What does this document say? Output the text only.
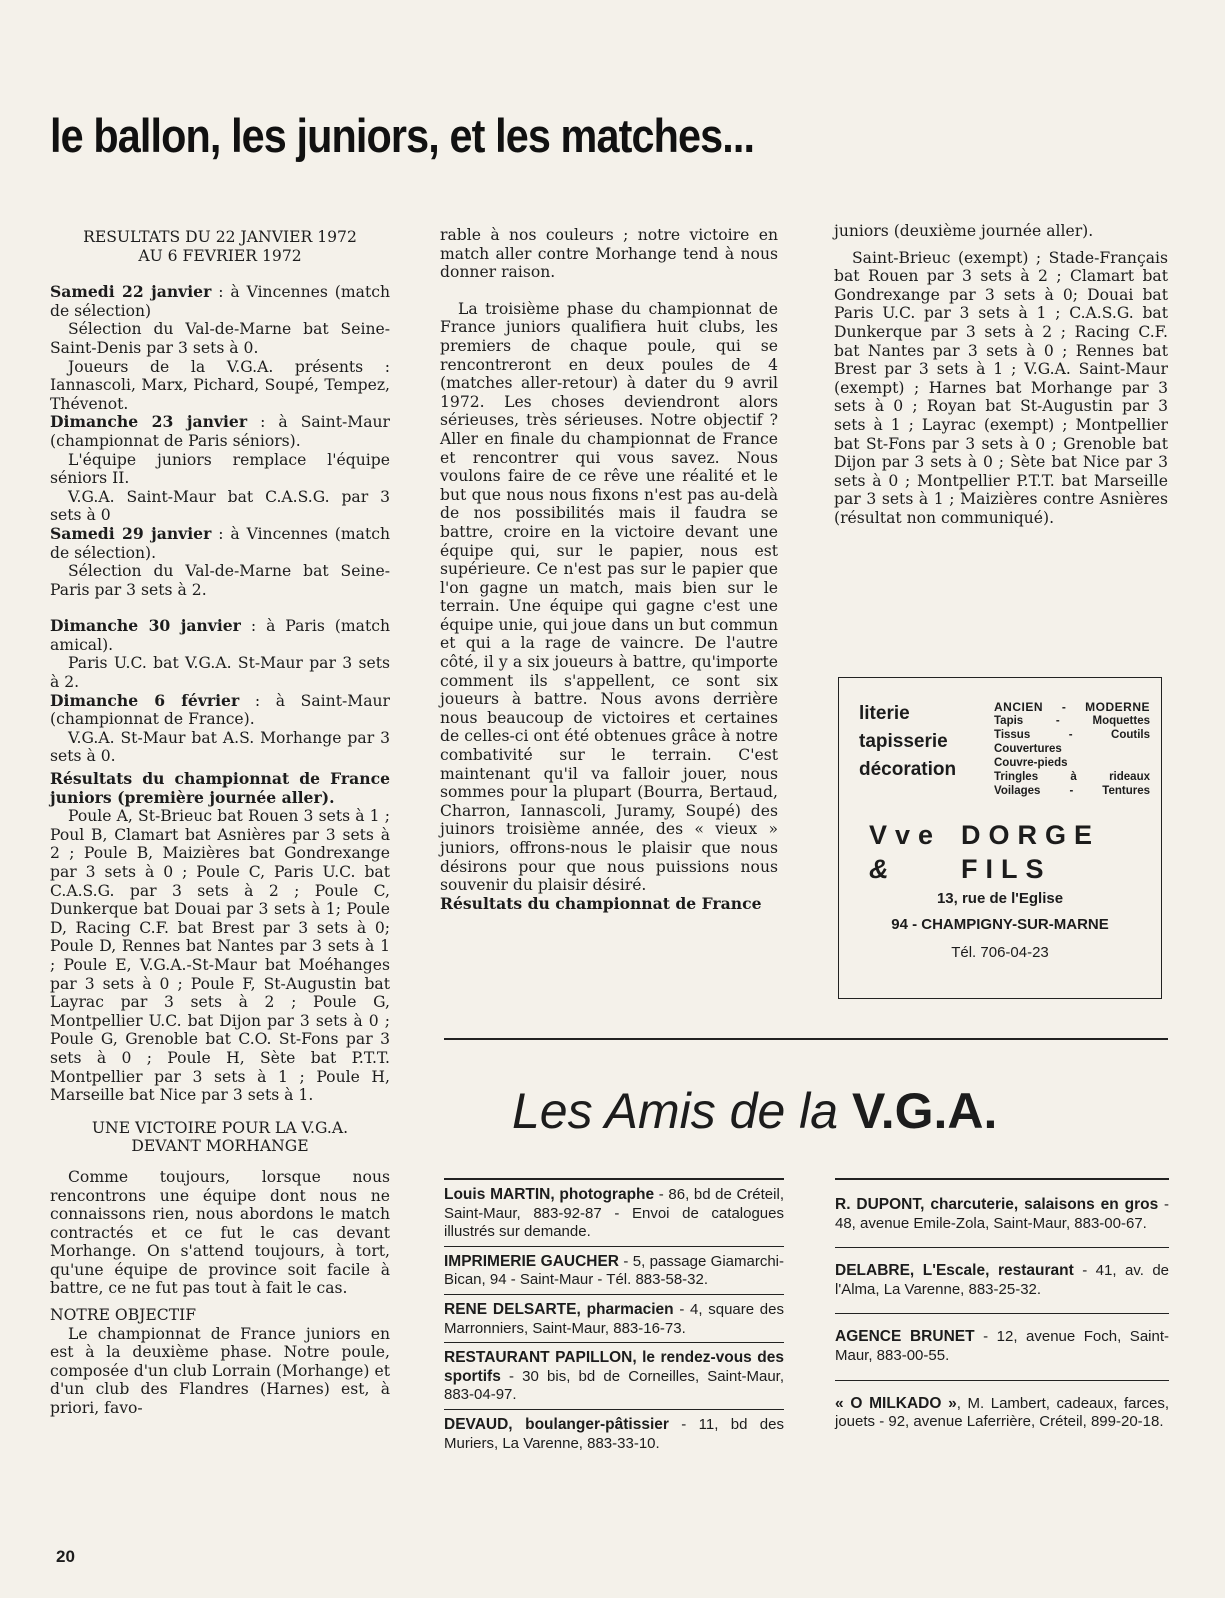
le ballon, les juniors, et les matches...

RESULTATS DU 22 JANVIER 1972

AU 6 FEVRIER 1972

Samedi 22 janvier : à Vincennes (match de sélection)

Sélection du Val-de-Marne bat Seine-Saint-Denis par 3 sets à 0.

Joueurs de la V.G.A. présents : Iannascoli, Marx, Pichard, Soupé, Tempez, Thévenot.

Dimanche 23 janvier : à Saint-Maur (championnat de Paris séniors).

L'équipe juniors remplace l'équipe séniors II.

V.G.A. Saint-Maur bat C.A.S.G. par 3 sets à 0

Samedi 29 janvier : à Vincennes (match de sélection).

Sélection du Val-de-Marne bat Seine-Paris par 3 sets à 2.

Dimanche 30 janvier : à Paris (match amical).

Paris U.C. bat V.G.A. St-Maur par 3 sets à 2.

Dimanche 6 février : à Saint-Maur (championnat de France).

V.G.A. St-Maur bat A.S. Morhange par 3 sets à 0.

Résultats du championnat de France juniors (première journée aller).

Poule A, St-Brieuc bat Rouen 3 sets à 1 ; Poul B, Clamart bat Asnières par 3 sets à 2 ; Poule B, Maizières bat Gondrexange par 3 sets à 0 ; Poule C, Paris U.C. bat C.A.S.G. par 3 sets à 2 ; Poule C, Dunkerque bat Douai par 3 sets à 1; Poule D, Racing C.F. bat Brest par 3 sets à 0; Poule D, Rennes bat Nantes par 3 sets à 1 ; Poule E, V.G.A.-St-Maur bat Moéhanges par 3 sets à 0 ; Poule F, St-Augustin bat Layrac par 3 sets à 2 ; Poule G, Montpellier U.C. bat Dijon par 3 sets à 0 ; Poule G, Grenoble bat C.O. St-Fons par 3 sets à 0 ; Poule H, Sète bat P.T.T. Montpellier par 3 sets à 1 ; Poule H, Marseille bat Nice par 3 sets à 1.

UNE VICTOIRE POUR LA V.G.A.

DEVANT MORHANGE

Comme toujours, lorsque nous rencontrons une équipe dont nous ne connaissons rien, nous abordons le match contractés et ce fut le cas devant Morhange. On s'attend toujours, à tort, qu'une équipe de province soit facile à battre, ce ne fut pas tout à fait le cas.

NOTRE OBJECTIF

Le championnat de France juniors en est à la deuxième phase. Notre poule, composée d'un club Lorrain (Morhange) et d'un club des Flandres (Harnes) est, à priori, favo-

rable à nos couleurs ; notre victoire en match aller contre Morhange tend à nous donner raison.

La troisième phase du championnat de France juniors qualifiera huit clubs, les premiers de chaque poule, qui se rencontreront en deux poules de 4 (matches aller-retour) à dater du 9 avril 1972. Les choses deviendront alors sérieuses, très sérieuses. Notre objectif ? Aller en finale du championnat de France et rencontrer qui vous savez. Nous voulons faire de ce rêve une réalité et le but que nous nous fixons n'est pas au-delà de nos possibilités mais il faudra se battre, croire en la victoire devant une équipe qui, sur le papier, nous est supérieure. Ce n'est pas sur le papier que l'on gagne un match, mais bien sur le terrain. Une équipe qui gagne c'est une équipe unie, qui joue dans un but commun et qui a la rage de vaincre. De l'autre côté, il y a six joueurs à battre, qu'importe comment ils s'appellent, ce sont six joueurs à battre. Nous avons derrière nous beaucoup de victoires et certaines de celles-ci ont été obtenues grâce à notre combativité sur le terrain. C'est maintenant qu'il va falloir jouer, nous sommes pour la plupart (Bourra, Bertaud, Charron, Iannascoli, Juramy, Soupé) des juinors troisième année, des « vieux » juniors, offrons-nous le plaisir que nous désirons pour que nous puissions nous souvenir du plaisir désiré.

Résultats du championnat de France

juniors (deuxième journée aller).

Saint-Brieuc (exempt) ; Stade-Français bat Rouen par 3 sets à 2 ; Clamart bat Gondrexange par 3 sets à 0; Douai bat Paris U.C. par 3 sets à 1 ; C.A.S.G. bat Dunkerque par 3 sets à 2 ; Racing C.F. bat Nantes par 3 sets à 0 ; Rennes bat Brest par 3 sets à 1 ; V.G.A. Saint-Maur (exempt) ; Harnes bat Morhange par 3 sets à 0 ; Royan bat St-Augustin par 3 sets à 1 ; Layrac (exempt) ; Montpellier bat St-Fons par 3 sets à 0 ; Grenoble bat Dijon par 3 sets à 0 ; Sète bat Nice par 3 sets à 0 ; Montpellier P.T.T. bat Marseille par 3 sets à 1 ; Maizières contre Asnières (résultat non communiqué).

literie
tapisserie
décoration
ANCIEN - MODERNE
Tapis - Moquettes
Tissus - Coutils
Couvertures
Couvre-pieds
Tringles à rideaux
Voilages - Tentures
Vve DORGE
& FILS
13, rue de l'Eglise
94 - CHAMPIGNY-SUR-MARNE
Tél. 706-04-23
Les Amis de la V.G.A.
Louis MARTIN, photographe - 86, bd de Créteil, Saint-Maur, 883-92-87 - Envoi de catalogues illustrés sur demande.
IMPRIMERIE GAUCHER - 5, passage Giamarchi-Bican, 94 - Saint-Maur - Tél. 883-58-32.
RENE DELSARTE, pharmacien - 4, square des Marronniers, Saint-Maur, 883-16-73.
RESTAURANT PAPILLON, le rendez-vous des sportifs - 30 bis, bd de Corneilles, Saint-Maur, 883-04-97.
DEVAUD, boulanger-pâtissier - 11, bd des Muriers, La Varenne, 883-33-10.
R. DUPONT, charcuterie, salaisons en gros - 48, avenue Emile-Zola, Saint-Maur, 883-00-67.
DELABRE, L'Escale, restaurant - 41, av. de l'Alma, La Varenne, 883-25-32.
AGENCE BRUNET - 12, avenue Foch, Saint-Maur, 883-00-55.
« O MILKADO », M. Lambert, cadeaux, farces, jouets - 92, avenue Laferrière, Créteil, 899-20-18.
20
